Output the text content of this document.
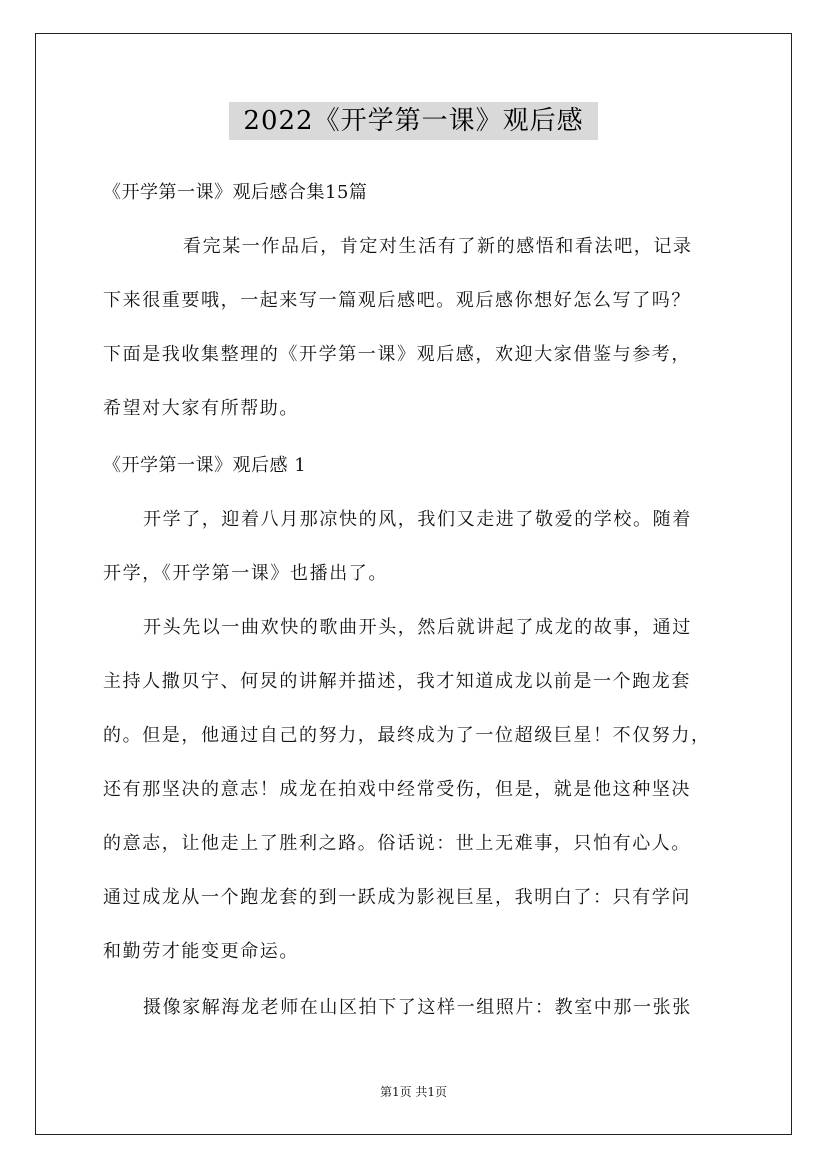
2022《开学第一课》观后感
《开学第一课》观后感合集15篇
看完某一作品后，肯定对生活有了新的感悟和看法吧，记录
下来很重要哦，一起来写一篇观后感吧。观后感你想好怎么写了吗？
下面是我收集整理的《开学第一课》观后感，欢迎大家借鉴与参考，
希望对大家有所帮助。
《开学第一课》观后感 1
开学了，迎着八月那凉快的风，我们又走进了敬爱的学校。随着
开学，《开学第一课》也播出了。
开头先以一曲欢快的歌曲开头，然后就讲起了成龙的故事，通过
主持人撒贝宁、何炅的讲解并描述，我才知道成龙以前是一个跑龙套
的。但是，他通过自己的努力，最终成为了一位超级巨星！不仅努力，
还有那坚决的意志！成龙在拍戏中经常受伤，但是，就是他这种坚决
的意志，让他走上了胜利之路。俗话说：世上无难事，只怕有心人。
通过成龙从一个跑龙套的到一跃成为影视巨星，我明白了：只有学问
和勤劳才能变更命运。
摄像家解海龙老师在山区拍下了这样一组照片：教室中那一张张
第1页 共1页
